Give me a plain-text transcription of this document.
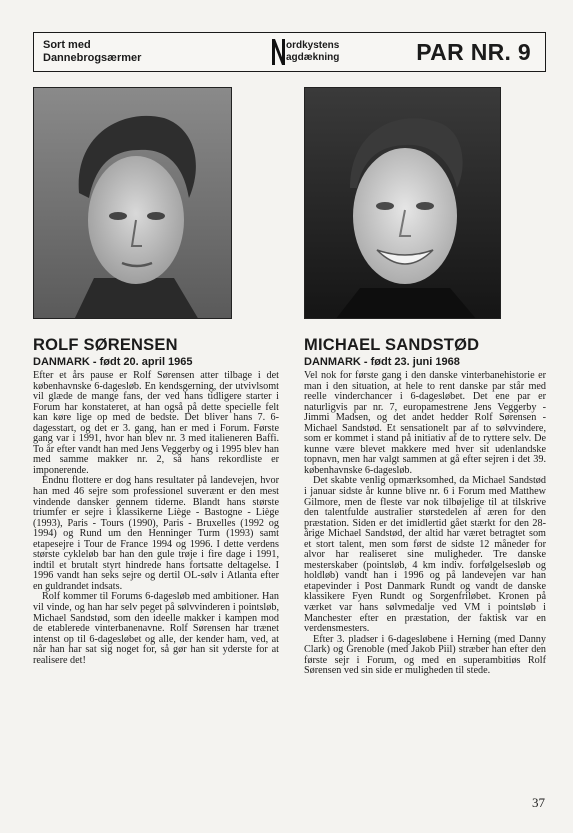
Sort med
Dannebrogsærmer
ordkystens
agdækning	PAR NR. 9
ROLF SØRENSEN
DANMARK - født 20. april 1965

Efter et års pause er Rolf Sørensen atter tilbage i det københavnske 6-dagesløb. En kendsgerning, der utvivlsomt vil glæde de mange fans, der ved hans tidligere starter i Forum har konstateret, at han også på dette specielle felt kan køre lige op med de bedste. Det bliver hans 7. 6-dagesstart, og det er 3. gang, han er med i Forum. Første gang var i 1991, hvor han blev nr. 3 med italieneren Baffi. To år efter vandt han med Jens Veggerby og i 1995 blev han med samme makker nr. 2, så hans rekordliste er imponerende.

Endnu flottere er dog hans resultater på landevejen, hvor han med 46 sejre som professionel suverænt er den mest vindende dansker gennem tiderne. Blandt hans største triumfer er sejre i klassikerne Liège - Bastogne - Liège (1993), Paris - Tours (1990), Paris - Bruxelles (1992 og 1994) og Rund um den Henninger Turm (1993) samt etapesejre i Tour de France 1994 og 1996. I dette verdens største cykleløb bar han den gule trøje i fire dage i 1991, indtil et brutalt styrt hindrede hans fortsatte deltagelse. I 1996 vandt han seks sejre og dertil OL-sølv i Atlanta efter en guldrandet indsats.

Rolf kommer til Forums 6-dagesløb med ambitioner. Han vil vinde, og han har selv peget på sølvvinderen i pointsløb, Michael Sandstød, som den ideelle makker i kampen mod de etablerede vinterbanenavne. Rolf Sørensen har trænet intenst op til 6-dagesløbet og alle, der kender ham, ved, at når han har sat sig noget for, så gør han sit yderste for at realisere det!

MICHAEL SANDSTØD
DANMARK - født 23. juni 1968

Vel nok for første gang i den danske vinterbanehistorie er man i den situation, at hele to rent danske par står med reelle vinderchancer i 6-dagesløbet. Det ene par er naturligvis par nr. 7, europamestrene Jens Veggerby - Jimmi Madsen, og det andet hedder Rolf Sørensen - Michael Sandstød. Et sensationelt par af to sølvvindere, som er kommet i stand på initiativ af de to ryttere selv. De kunne være blevet makkere med hver sit udenlandske topnavn, men har valgt sammen at gå efter sejren i det 39. københavnske 6-dagesløb.

Det skabte venlig opmærksomhed, da Michael Sandstød i januar sidste år kunne blive nr. 6 i Forum med Matthew Gilmore, men de fleste var nok tilbøjelige til at tilskrive den talentfulde australier størstedelen af æren for den præstation. Siden er det imidlertid gået stærkt for den 28-årige Michael Sandstød, der altid har været betragtet som et stort talent, men som først de sidste 12 måneder for alvor har realiseret sine muligheder. Tre danske mesterskaber (pointsløb, 4 km indiv. forfølgelsesløb og holdløb) vandt han i 1996 og på landevejen var han etapevinder i Post Danmark Rundt og vandt de danske klassikere Fyen Rundt og Sorgenfriløbet. Kronen på værket var hans sølvmedalje ved VM i pointsløb i Manchester efter en præstation, der faktisk var en verdensmesters.

Efter 3. pladser i 6-dagesløbene i Herning (med Danny Clark) og Grenoble (med Jakob Piil) stræber han efter den første sejr i Forum, og med en superambitiøs Rolf Sørensen ved sin side er muligheden til stede.

37
